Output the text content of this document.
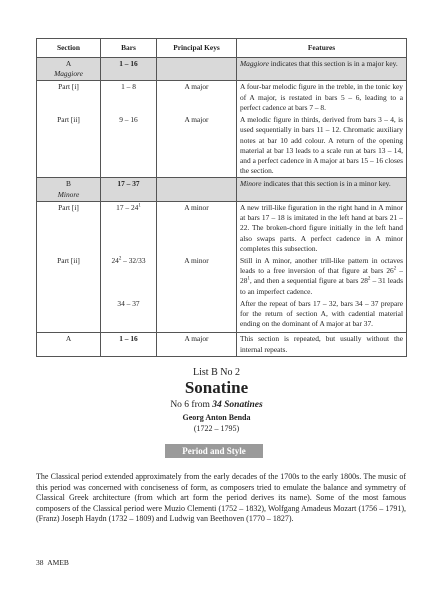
Section	Bars	Principal Keys	Features

A
Maggiore	1 – 16		Maggiore indicates that this section is in a major key.
Part [i]	1 – 8	A major	A four-bar melodic figure in the treble, in the tonic key of A major, is restated in bars 5 – 6, leading to a perfect cadence at bars 7 – 8.
Part [ii]	9 – 16	A major	A melodic figure in thirds, derived from bars 3 – 4, is used sequentially in bars 11 – 12. Chromatic auxiliary notes at bar 10 add colour. A return of the opening material at bar 13 leads to a scale run at bars 13 – 14, and a perfect cadence in A major at bars 15 – 16 closes the section.

B
Minore	17 – 37		Minore indicates that this section is in a minor key.
Part [i]	$17 - 24^1$	A minor	A new trill-like figuration in the right hand in A minor at bars 17 – 18 is imitated in the left hand at bars 21 – 22. The broken-chord figure initially in the left hand also swaps parts. A perfect cadence in A minor completes this subsection.
Part [ii]	$24^2 - 32/33$	A minor	Still in A minor, another trill-like pattern in octaves leads to a free inversion of that figure at bars $26^2 - 28^1$, and then a sequential figure at bars $28^2 - 31$ leads to an imperfect cadence.
	34 – 37		After the repeat of bars 17 – 32, bars 34 – 37 prepare for the return of section A, with cadential material ending on the dominant of A major at bar 37.
A	1 – 16	A major	This section is repeated, but usually without the internal repeats.
List B No 2
Sonatine
No 6 from 34 Sonatines
Georg Anton Benda
(1722 – 1795)
Period and Style

The Classical period extended approximately from the early decades of the 1700s to the early 1800s. The music of this period was concerned with conciseness of form, as composers tried to emulate the balance and symmetry of Classical Greek architecture (from which art form the period derives its name). Some of the most famous composers of the Classical period were Muzio Clementi (1752 – 1832), Wolfgang Amadeus Mozart (1756 – 1791), (Franz) Joseph Haydn (1732 – 1809) and Ludwig van Beethoven (1770 – 1827).

38 AMEB
